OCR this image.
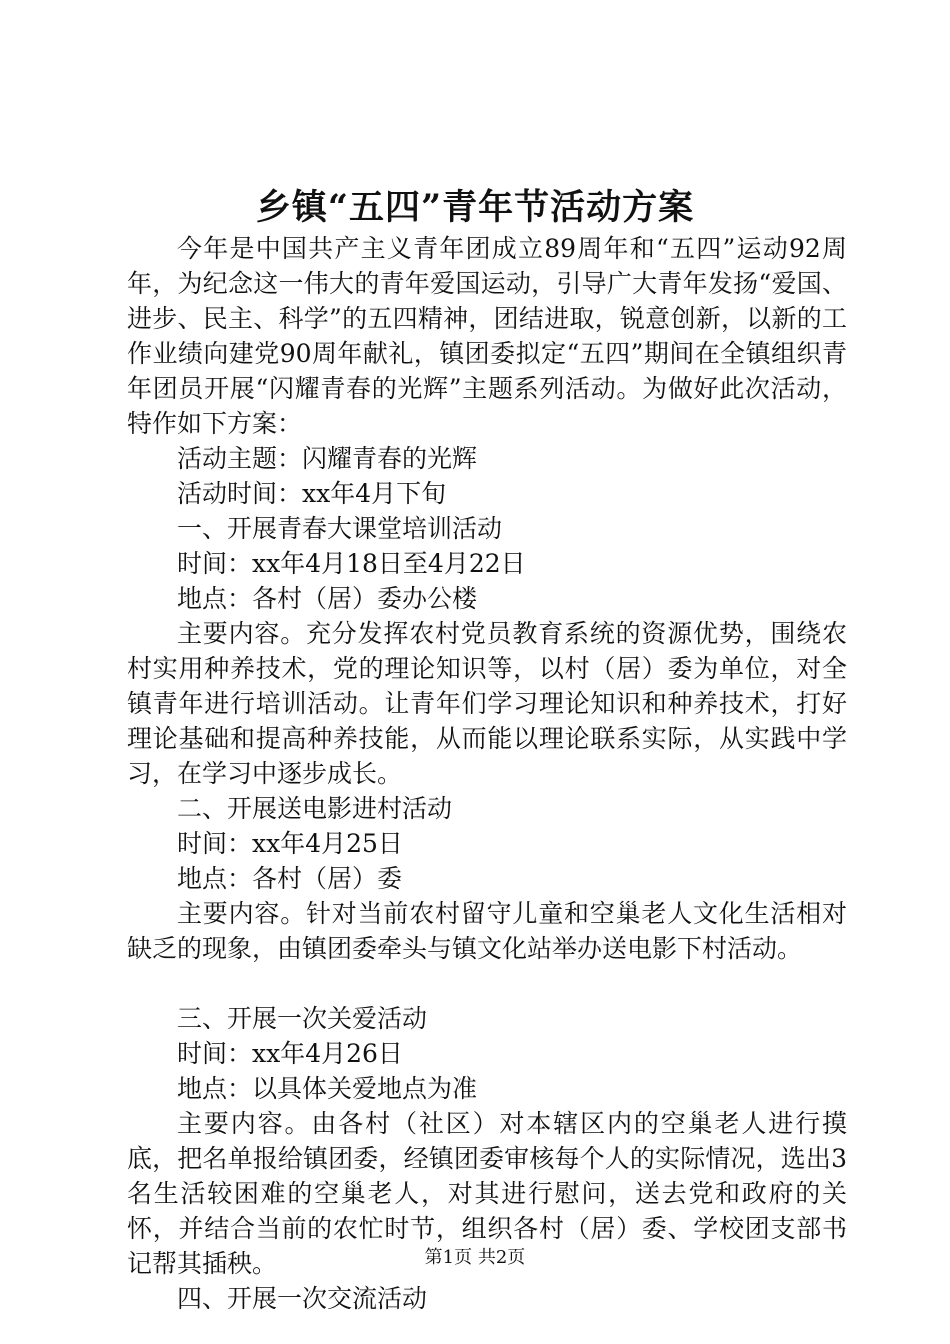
乡镇“五四”青年节活动方案

今年是中国共产主义青年团成立89周年和“五四”运动92周年，为纪念这一伟大的青年爱国运动，引导广大青年发扬“爱国、进步、民主、科学”的五四精神，团结进取，锐意创新，以新的工作业绩向建党90周年献礼，镇团委拟定“五四”期间在全镇组织青年团员开展“闪耀青春的光辉”主题系列活动。为做好此次活动，特作如下方案：

活动主题：闪耀青春的光辉

活动时间：xx年4月下旬

一、开展青春大课堂培训活动

时间：xx年4月18日至4月22日

地点：各村（居）委办公楼

主要内容。充分发挥农村党员教育系统的资源优势，围绕农村实用种养技术，党的理论知识等，以村（居）委为单位，对全镇青年进行培训活动。让青年们学习理论知识和种养技术，打好理论基础和提高种养技能，从而能以理论联系实际，从实践中学习，在学习中逐步成长。

二、开展送电影进村活动

时间：xx年4月25日

地点：各村（居）委

主要内容。针对当前农村留守儿童和空巢老人文化生活相对缺乏的现象，由镇团委牵头与镇文化站举办送电影下村活动。

三、开展一次关爱活动

时间：xx年4月26日

地点：以具体关爱地点为准

主要内容。由各村（社区）对本辖区内的空巢老人进行摸底，把名单报给镇团委，经镇团委审核每个人的实际情况，选出3名生活较困难的空巢老人，对其进行慰问，送去党和政府的关怀，并结合当前的农忙时节，组织各村（居）委、学校团支部书记帮其插秧。

四、开展一次交流活动

第1页 共2页
